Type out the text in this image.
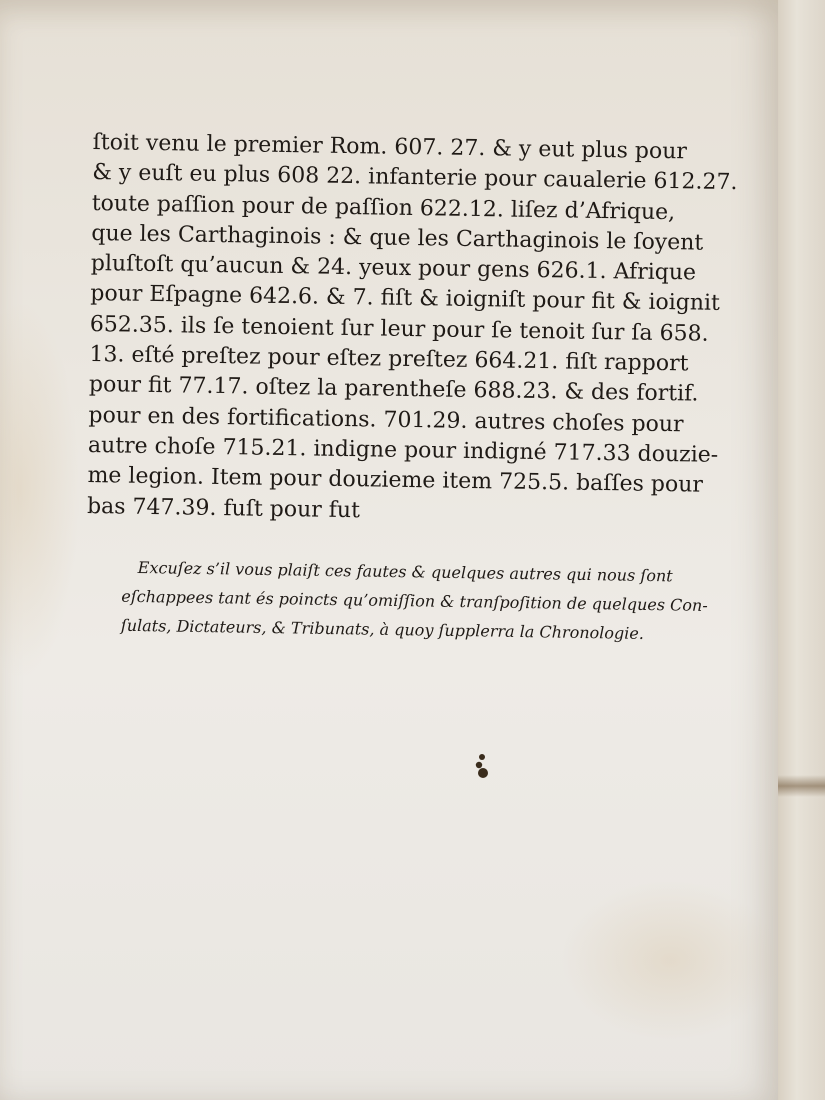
ſtoit venu le premier Rom. 607. 27. & y eut plus pour
& y euſt eu plus 608 22. infanterie pour caualerie 612.27.
toute paſſion pour de paſſion 622.12. liſez d’Afrique,
que les Carthaginois : & que les Carthaginois le ſoyent
pluſtoſt qu’aucun & 24. yeux pour gens 626.1. Afrique
pour Eſpagne 642.6. & 7. fiſt & ioigniſt pour fit & ioignit
652.35. ils ſe tenoient ſur leur pour ſe tenoit ſur ſa 658.
13. eſté preſtez pour eſtez preſtez 664.21. fiſt rapport
pour fit 77.17. oſtez la parentheſe 688.23. & des fortif.
pour en des fortifications. 701.29. autres choſes pour
autre choſe 715.21. indigne pour indigné 717.33 douzie-
me legion. Item pour douzieme item 725.5. baſſes pour
bas 747.39. fuſt pour fut
Excuſez s’il vous plaiſt ces fautes & quelques autres qui nous ſont
eſchappees tant és poincts qu’omiſſion & tranſpoſition de quelques Con-
ſulats, Dictateurs, & Tribunats, à quoy ſupplerra la Chronologie.
